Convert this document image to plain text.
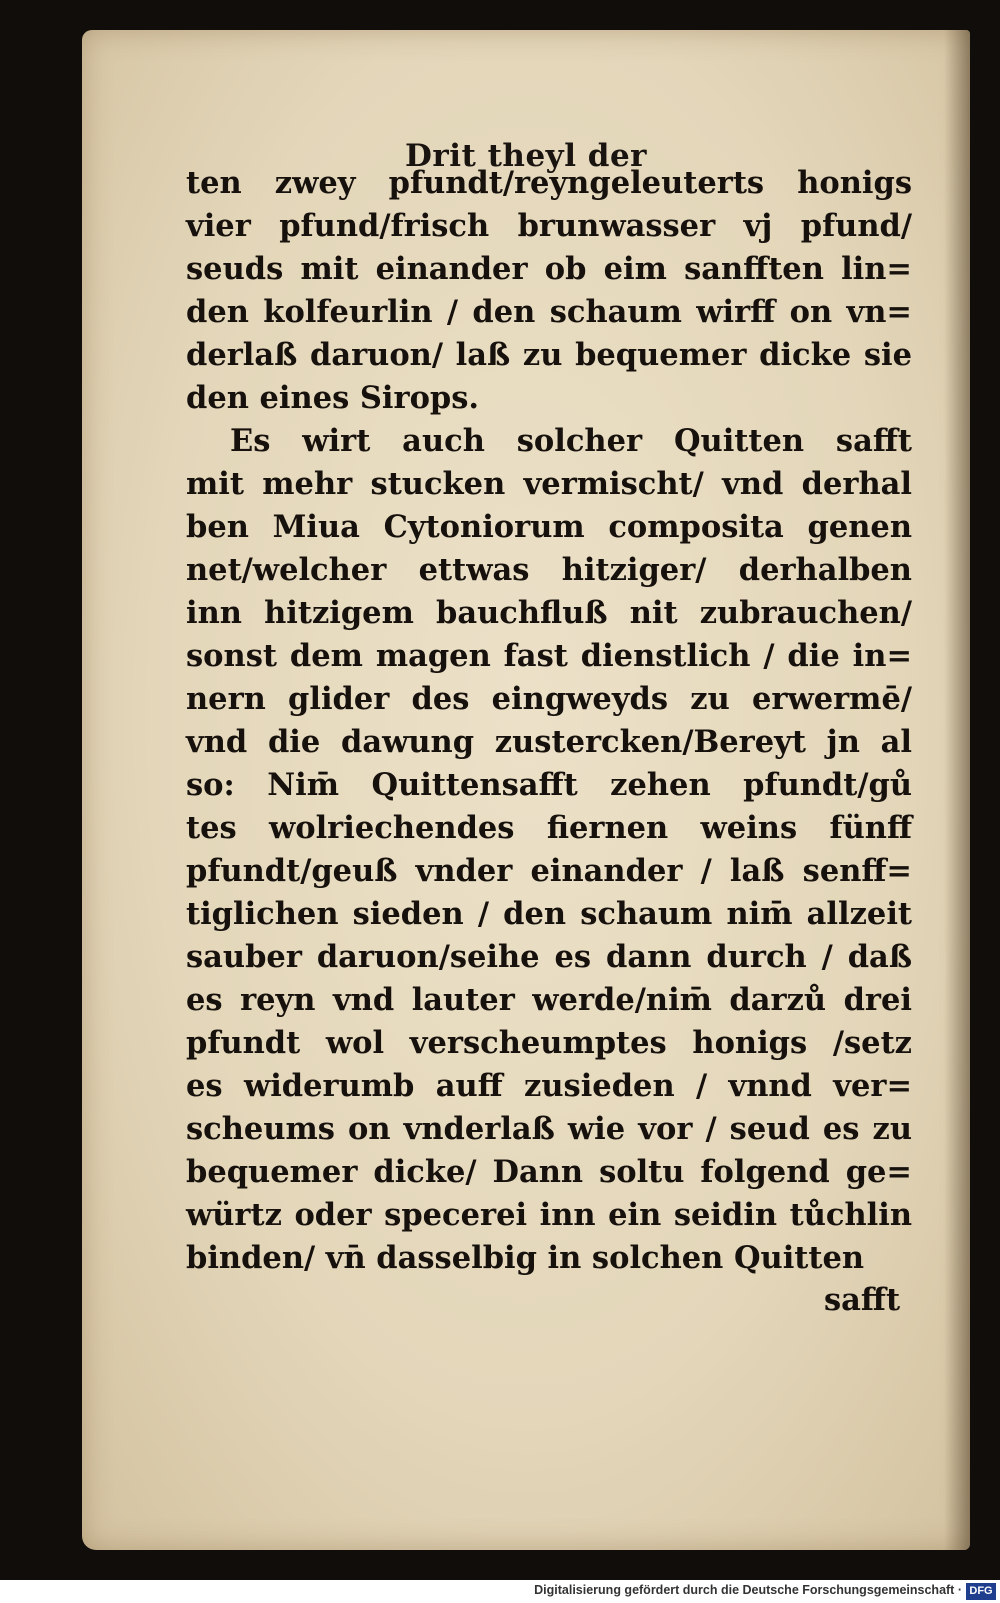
Drit theyl der
ten zwey pfundt/reyngeleuterts honigs
vier pfund/frisch brunwasser vj pfund/
seuds mit einander ob eim sanfften lin=
den kolfeurlin / den schaum wirff on vn=
derlaß daruon/ laß zu bequemer dicke sie
den eines Sirops.
Es wirt auch solcher Quitten safft
mit mehr stucken vermischt/ vnd derhal
ben Miua Cytoniorum composita genen
net/welcher ettwas hitziger/ derhalben
inn hitzigem bauchfluß nit zubrauchen/
sonst dem magen fast dienstlich / die in=
nern glider des eingweyds zu erwermē/
vnd die dawung zustercken/Bereyt jn al
so: Nim̄ Quittensafft zehen pfundt/gů
tes wolriechendes fiernen weins fünff
pfundt/geuß vnder einander / laß senff=
tiglichen sieden / den schaum nim̄ allzeit
sauber daruon/seihe es dann durch / daß
es reyn vnd lauter werde/nim̄ darzů drei
pfundt wol verscheumptes honigs /setz
es widerumb auff zusieden / vnnd ver=
scheums on vnderlaß wie vor / seud es zu
bequemer dicke/ Dann soltu folgend ge=
würtz oder specerei inn ein seidin tůchlin
binden/ vn̄ dasselbig in solchen Quitten
safft
Digitalisierung gefördert durch die Deutsche Forschungsgemeinschaft · DFG
